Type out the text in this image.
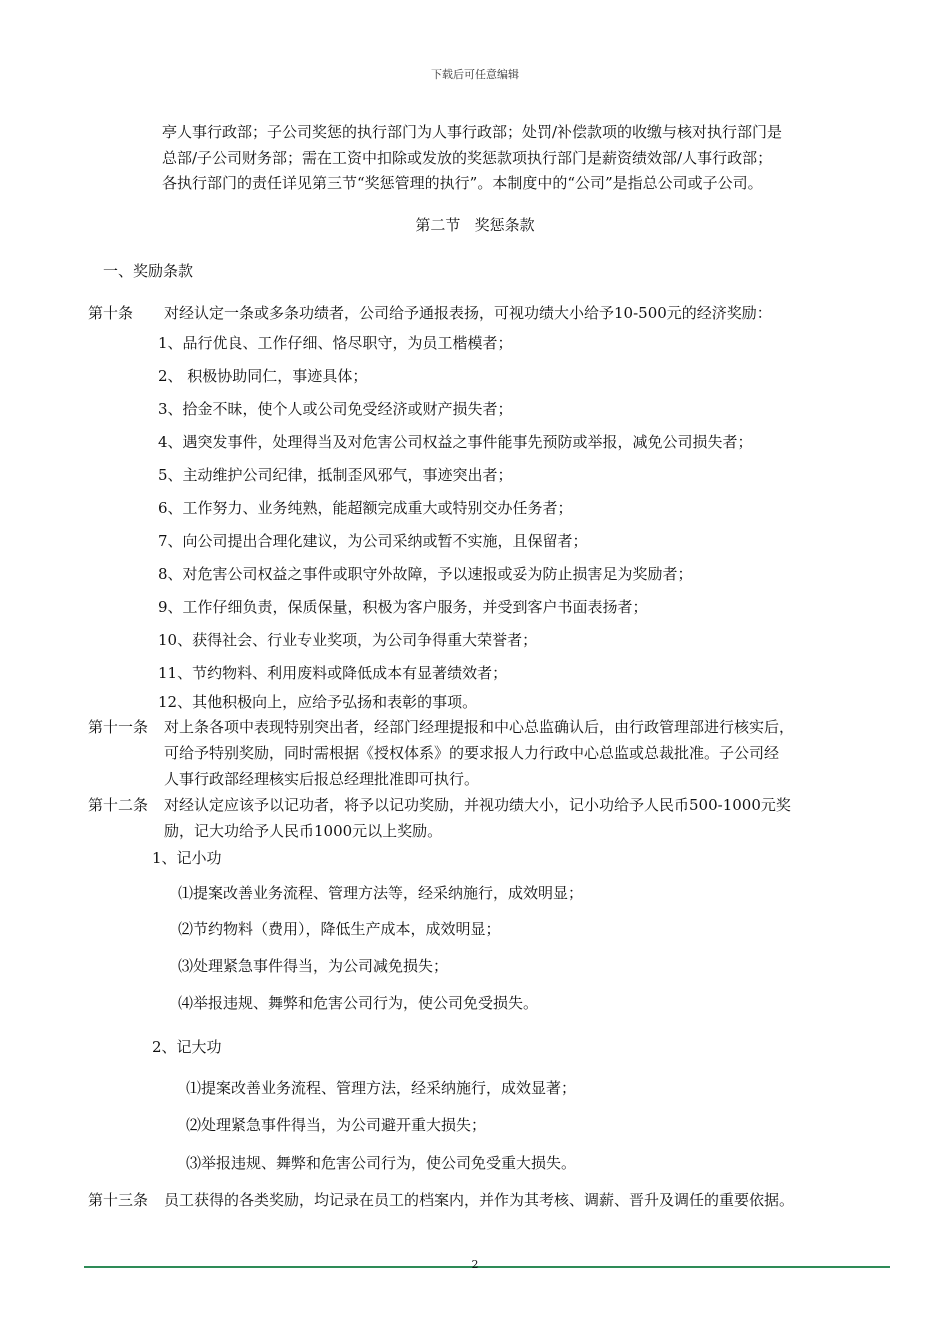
下载后可任意编辑
亭人事行政部；子公司奖惩的执行部门为人事行政部；处罚/补偿款项的收缴与核对执行部门是
总部/子公司财务部；需在工资中扣除或发放的奖惩款项执行部门是薪资绩效部/人事行政部；
各执行部门的责任详见第三节“奖惩管理的执行”。本制度中的“公司”是指总公司或子公司。
第二节   奖惩条款
一、奖励条款
第十条 对经认定一条或多条功绩者，公司给予通报表扬，可视功绩大小给予10-500元的经济奖励：
1、品行优良、工作仔细、恪尽职守，为员工楷模者；
2、 积极协助同仁，事迹具体；
3、拾金不昧，使个人或公司免受经济或财产损失者；
4、遇突发事件，处理得当及对危害公司权益之事件能事先预防或举报，减免公司损失者；
5、主动维护公司纪律，抵制歪风邪气，事迹突出者；
6、工作努力、业务纯熟，能超额完成重大或特别交办任务者；
7、向公司提出合理化建议，为公司采纳或暂不实施，且保留者；
8、对危害公司权益之事件或职守外故障，予以速报或妥为防止损害足为奖励者；
9、工作仔细负责，保质保量，积极为客户服务，并受到客户书面表扬者；
10、获得社会、行业专业奖项，为公司争得重大荣誉者；
11、节约物料、利用废料或降低成本有显著绩效者；
12、其他积极向上，应给予弘扬和表彰的事项。
第十一条 对上条各项中表现特别突出者，经部门经理提报和中心总监确认后，由行政管理部进行核实后，
可给予特别奖励，同时需根据《授权体系》的要求报人力行政中心总监或总裁批准。子公司经
人事行政部经理核实后报总经理批准即可执行。
第十二条 对经认定应该予以记功者，将予以记功奖励，并视功绩大小，记小功给予人民币500-1000元奖
励，记大功给予人民币1000元以上奖励。
1、记小功
⑴提案改善业务流程、管理方法等，经采纳施行，成效明显；
⑵节约物料（费用），降低生产成本，成效明显；
⑶处理紧急事件得当，为公司减免损失；
⑷举报违规、舞弊和危害公司行为，使公司免受损失。
2、记大功
⑴提案改善业务流程、管理方法，经采纳施行，成效显著；
⑵处理紧急事件得当，为公司避开重大损失；
⑶举报违规、舞弊和危害公司行为，使公司免受重大损失。
第十三条 员工获得的各类奖励，均记录在员工的档案内，并作为其考核、调薪、晋升及调任的重要依据。
2
